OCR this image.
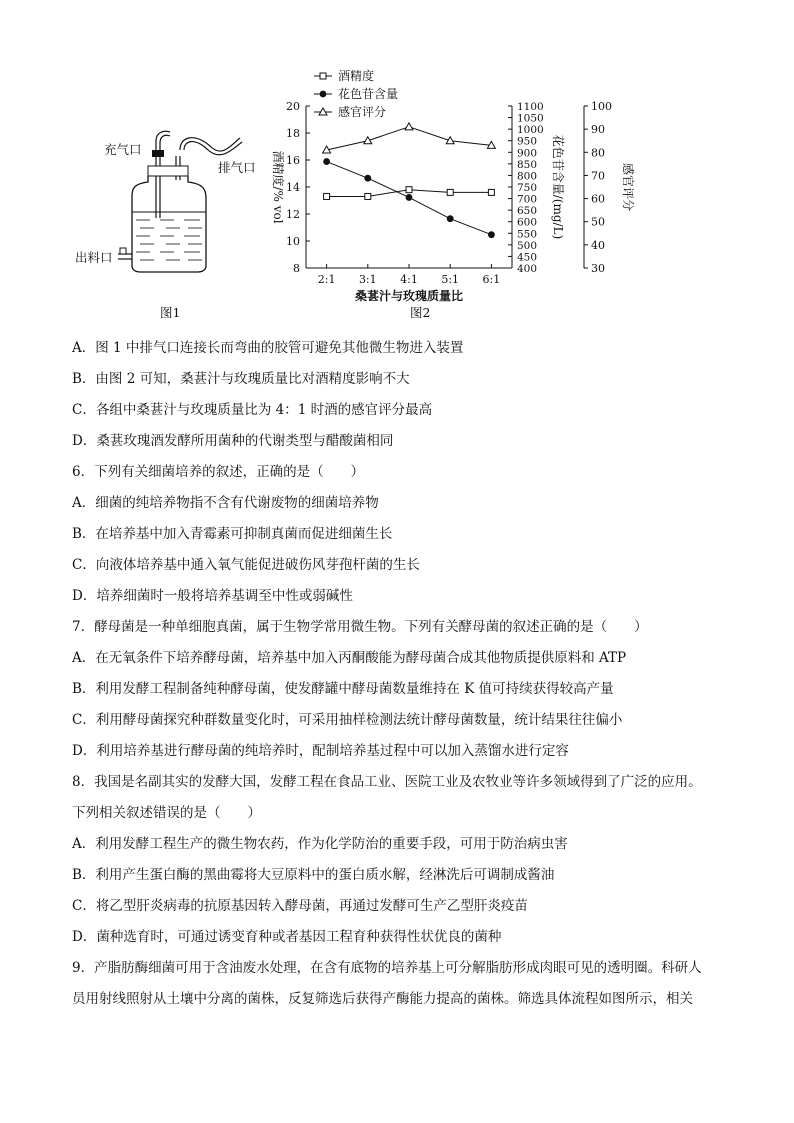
充气口
排气口
出料口
图1
8
10
12
14
16
18
20
400
450
500
550
600
650
700
750
800
850
900
950
1000
1050
1100
30
40
50
60
70
80
90
100
2:1 3:1 4:1 5:1 6:1
桑葚汁与玫瑰质量比
酒精度/% vol	花色苷含量/(mg/L)	感官评分
酒精度
花色苷含量
感官评分
图2
A．图 1 中排气口连接长而弯曲的胶管可避免其他微生物进入装置
B．由图 2 可知，桑葚汁与玫瑰质量比对酒精度影响不大
C．各组中桑葚汁与玫瑰质量比为 4：1 时酒的感官评分最高
D．桑葚玫瑰酒发酵所用菌种的代谢类型与醋酸菌相同
6．下列有关细菌培养的叙述，正确的是（　　）
A．细菌的纯培养物指不含有代谢废物的细菌培养物
B．在培养基中加入青霉素可抑制真菌而促进细菌生长
C．向液体培养基中通入氧气能促进破伤风芽孢杆菌的生长
D．培养细菌时一般将培养基调至中性或弱碱性
7．酵母菌是一种单细胞真菌，属于生物学常用微生物。下列有关酵母菌的叙述正确的是（　　）
A．在无氧条件下培养酵母菌，培养基中加入丙酮酸能为酵母菌合成其他物质提供原料和 ATP
B．利用发酵工程制备纯种酵母菌，使发酵罐中酵母菌数量维持在 K 值可持续获得较高产量
C．利用酵母菌探究种群数量变化时，可采用抽样检测法统计酵母菌数量，统计结果往往偏小
D．利用培养基进行酵母菌的纯培养时，配制培养基过程中可以加入蒸馏水进行定容
8．我国是名副其实的发酵大国，发酵工程在食品工业、医院工业及农牧业等许多领域得到了广泛的应用。
下列相关叙述错误的是（　　）
A．利用发酵工程生产的微生物农药，作为化学防治的重要手段，可用于防治病虫害
B．利用产生蛋白酶的黑曲霉将大豆原料中的蛋白质水解，经淋洗后可调制成酱油
C．将乙型肝炎病毒的抗原基因转入酵母菌，再通过发酵可生产乙型肝炎疫苗
D．菌种选育时，可通过诱变育种或者基因工程育种获得性状优良的菌种
9．产脂肪酶细菌可用于含油废水处理，在含有底物的培养基上可分解脂肪形成肉眼可见的透明圈。科研人
员用射线照射从土壤中分离的菌株，反复筛选后获得产酶能力提高的菌株。筛选具体流程如图所示，相关
